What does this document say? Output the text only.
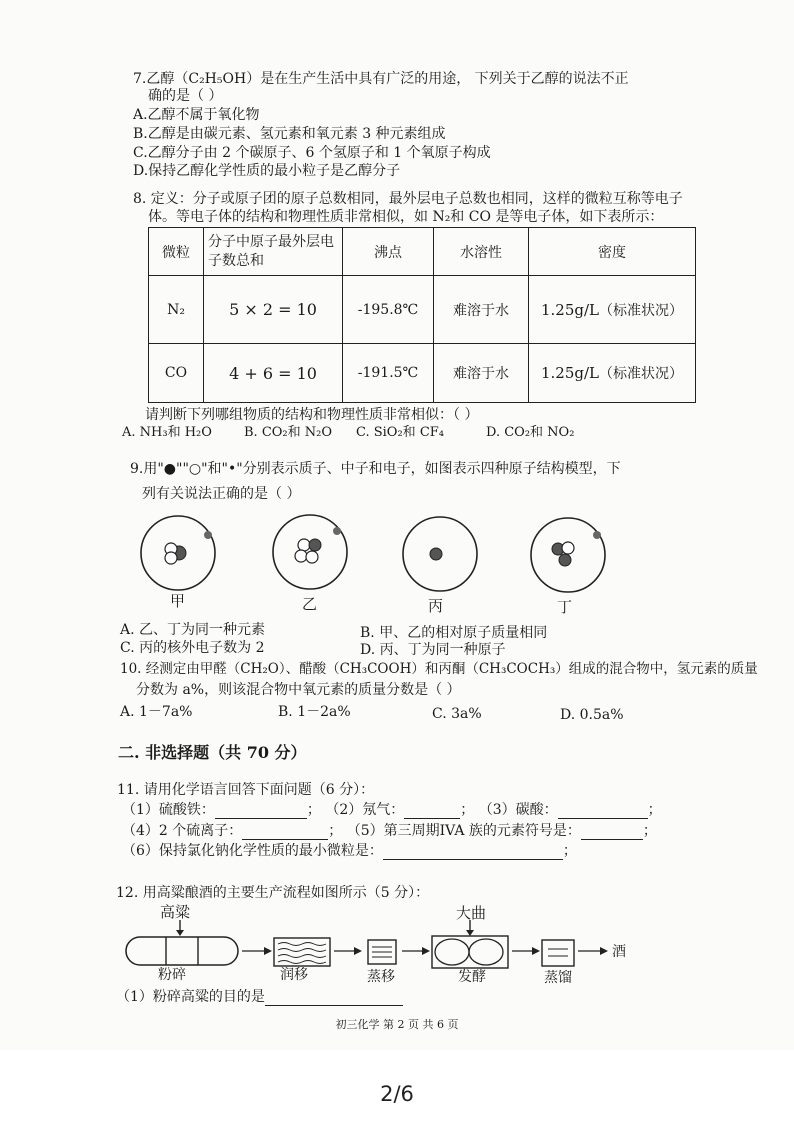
7.乙醇（C₂H₅OH）是在生产生活中具有广泛的用途， 下列关于乙醇的说法不正
确的是（ ）
A.乙醇不属于氧化物
B.乙醇是由碳元素、氢元素和氧元素 3 种元素组成
C.乙醇分子由 2 个碳原子、6 个氢原子和 1 个氧原子构成
D.保持乙醇化学性质的最小粒子是乙醇分子
8. 定义：分子或原子团的原子总数相同，最外层电子总数也相同，这样的微粒互称等电子
体。等电子体的结构和物理性质非常相似，如 N₂和 CO 是等电子体，如下表所示：
微粒	分子中原子最外层电子数总和	沸点	水溶性	密度
N₂	5 × 2 = 10	-195.8℃	难溶于水	1.25g/L（标准状况）
CO	4 + 6 = 10	-191.5℃	难溶于水	1.25g/L（标准状况）
请判断下列哪组物质的结构和物理性质非常相似：（ ）
A. NH₃和 H₂O B. CO₂和 N₂O C. SiO₂和 CF₄	D. CO₂和 NO₂
9.用"●""○"和"•"分别表示质子、中子和电子，如图表示四种原子结构模型，下
列有关说法正确的是（ ）
甲	乙	丙	丁
A. 乙、丁为同一种元素	B. 甲、乙的相对原子质量相同
C. 丙的核外电子数为 2	D. 丙、丁为同一种原子
10. 经测定由甲醛（CH₂O）、醋酸（CH₃COOH）和丙酮（CH₃COCH₃）组成的混合物中，氢元素的质量
分数为 a%，则该混合物中氧元素的质量分数是（ ）
A. 1－7a%	B. 1－2a%	C. 3a%	D. 0.5a%
二. 非选择题（共 70 分）
11. 请用化学语言回答下面问题（6 分）：
（1）硫酸铁：	； （2）氖气：	； （3）碳酸：	；
（4）2 个硫离子：	； （5）第三周期IVA 族的元素符号是：	；
（6）保持氯化钠化学性质的最小微粒是：	；
12. 用高粱酿酒的主要生产流程如图所示（5 分）：
高粱	大曲
酒
粉碎	润移	蒸移	发酵	蒸馏
（1）粉碎高粱的目的是
初三化学 第 2 页 共 6 页
2/6
